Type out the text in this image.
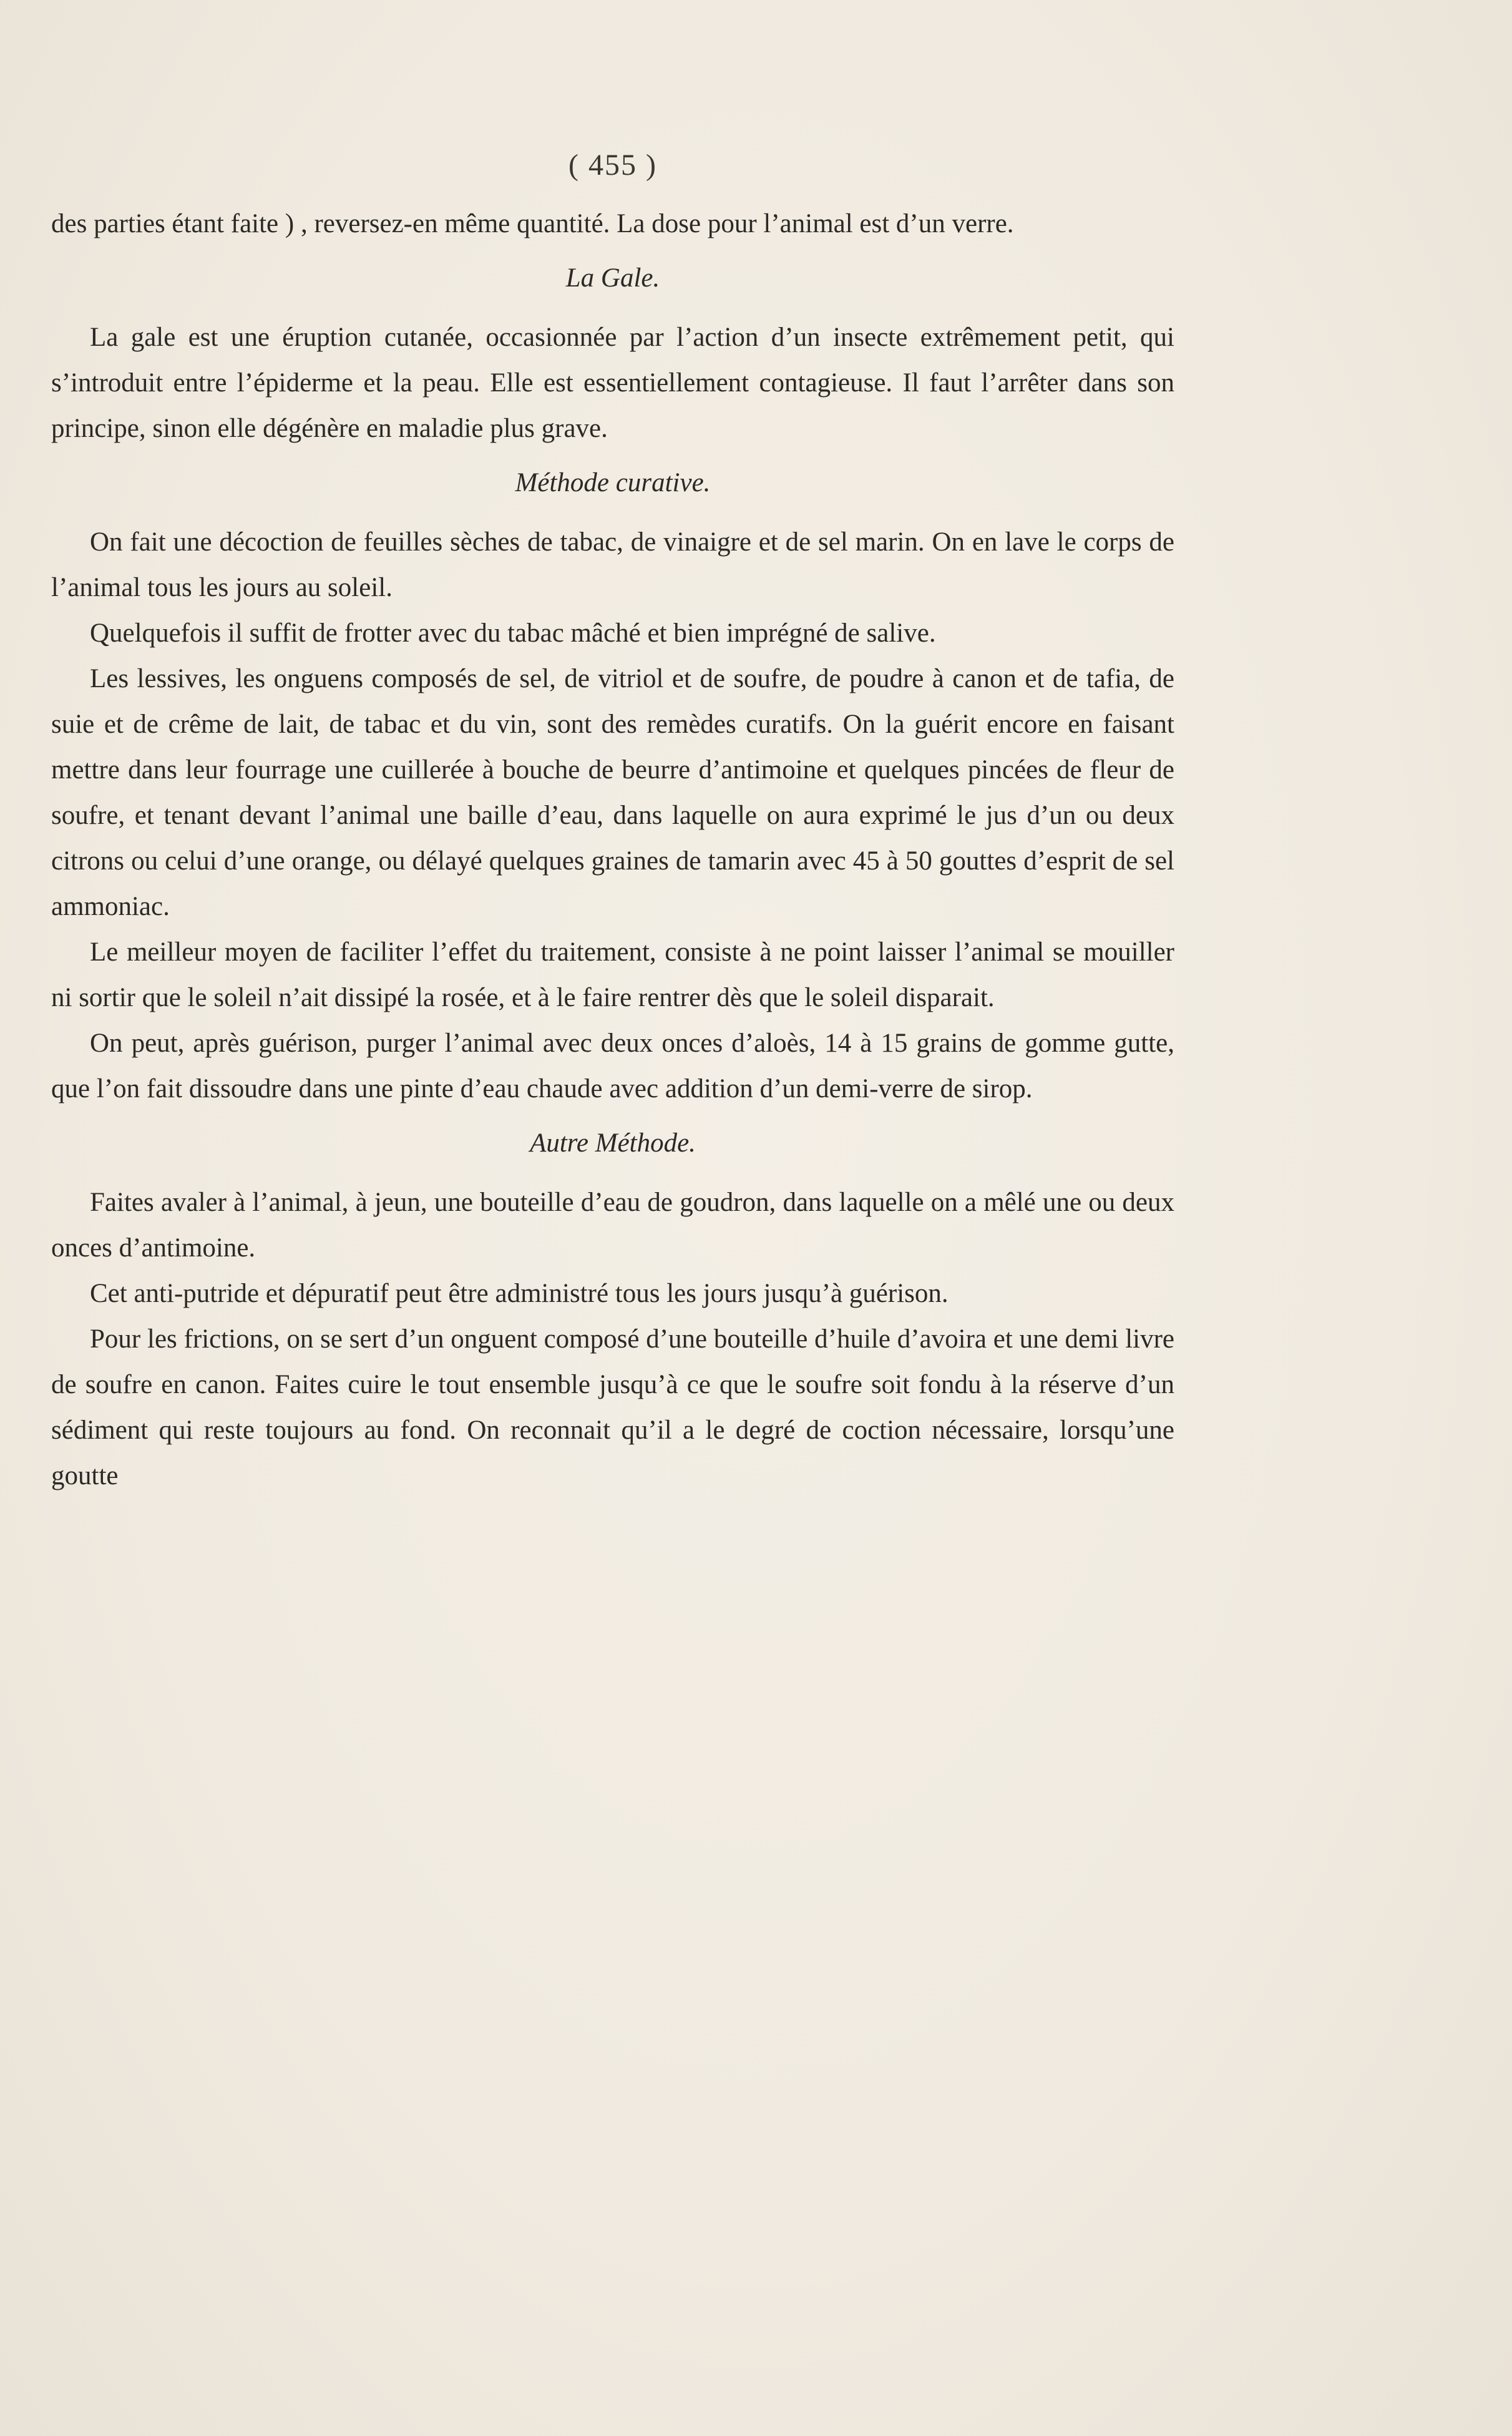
( 455 )

des parties étant faite ) , reversez-en même quantité. La dose pour l’animal est d’un verre.

La Gale.

La gale est une éruption cutanée, occasionnée par l’action d’un insecte extrêmement petit, qui s’introduit entre l’épiderme et la peau. Elle est essentiellement contagieuse. Il faut l’arrêter dans son principe, sinon elle dégénère en maladie plus grave.

Méthode curative.

On fait une décoction de feuilles sèches de tabac, de vinaigre et de sel marin. On en lave le corps de l’animal tous les jours au soleil.

Quelquefois il suffit de frotter avec du tabac mâché et bien imprégné de salive.

Les lessives, les onguens composés de sel, de vitriol et de soufre, de poudre à canon et de tafia, de suie et de crême de lait, de tabac et du vin, sont des remèdes curatifs. On la guérit encore en faisant mettre dans leur fourrage une cuillerée à bouche de beurre d’antimoine et quelques pincées de fleur de soufre, et tenant devant l’animal une baille d’eau, dans laquelle on aura exprimé le jus d’un ou deux citrons ou celui d’une orange, ou délayé quelques graines de tamarin avec 45 à 50 gouttes d’esprit de sel ammoniac.

Le meilleur moyen de faciliter l’effet du traitement, consiste à ne point laisser l’animal se mouiller ni sortir que le soleil n’ait dissipé la rosée, et à le faire rentrer dès que le soleil disparait.

On peut, après guérison, purger l’animal avec deux onces d’aloès, 14 à 15 grains de gomme gutte, que l’on fait dissoudre dans une pinte d’eau chaude avec addition d’un demi-verre de sirop.

Autre Méthode.

Faites avaler à l’animal, à jeun, une bouteille d’eau de goudron, dans laquelle on a mêlé une ou deux onces d’antimoine.

Cet anti-putride et dépuratif peut être administré tous les jours jusqu’à guérison.

Pour les frictions, on se sert d’un onguent composé d’une bouteille d’huile d’avoira et une demi livre de soufre en canon. Faites cuire le tout ensemble jusqu’à ce que le soufre soit fondu à la réserve d’un sédiment qui reste toujours au fond. On reconnait qu’il a le degré de coction nécessaire, lorsqu’une goutte
